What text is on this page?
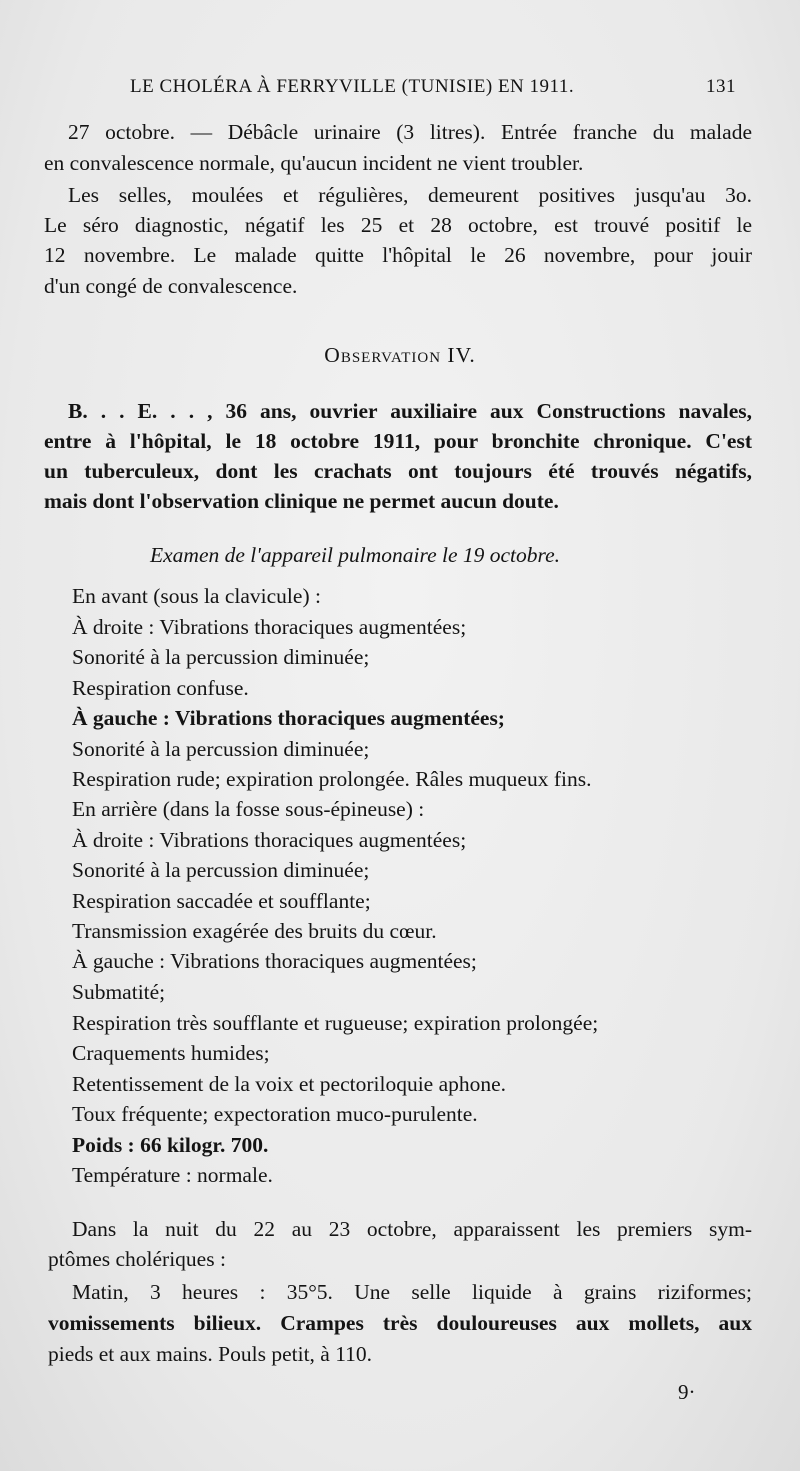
LE CHOLÉRA À FERRYVILLE (TUNISIE) EN 1911.	131
27 octobre. — Débâcle urinaire (3 litres). Entrée franche du malade
en convalescence normale, qu'aucun incident ne vient troubler.
Les selles, moulées et régulières, demeurent positives jusqu'au 3o.
Le séro diagnostic, négatif les 25 et 28 octobre, est trouvé positif le
12 novembre. Le malade quitte l'hôpital le 26 novembre, pour jouir
d'un congé de convalescence.
Observation IV.
B. . . E. . . , 36 ans, ouvrier auxiliaire aux Constructions navales,
entre à l'hôpital, le 18 octobre 1911, pour bronchite chronique. C'est
un tuberculeux, dont les crachats ont toujours été trouvés négatifs,
mais dont l'observation clinique ne permet aucun doute.
Examen de l'appareil pulmonaire le 19 octobre.
En avant (sous la clavicule) :
À droite : Vibrations thoraciques augmentées;
Sonorité à la percussion diminuée;
Respiration confuse.
À gauche : Vibrations thoraciques augmentées;
Sonorité à la percussion diminuée;
Respiration rude; expiration prolongée. Râles muqueux fins.
En arrière (dans la fosse sous-épineuse) :
À droite : Vibrations thoraciques augmentées;
Sonorité à la percussion diminuée;
Respiration saccadée et soufflante;
Transmission exagérée des bruits du cœur.
À gauche : Vibrations thoraciques augmentées;
Submatité;
Respiration très soufflante et rugueuse; expiration prolongée;
Craquements humides;
Retentissement de la voix et pectoriloquie aphone.
Toux fréquente; expectoration muco-purulente.
Poids : 66 kilogr. 700.
Température : normale.
Dans la nuit du 22 au 23 octobre, apparaissent les premiers sym-
ptômes cholériques :
Matin, 3 heures : 35°5. Une selle liquide à grains riziformes;
vomissements bilieux. Crampes très douloureuses aux mollets, aux
pieds et aux mains. Pouls petit, à 110.
9·
